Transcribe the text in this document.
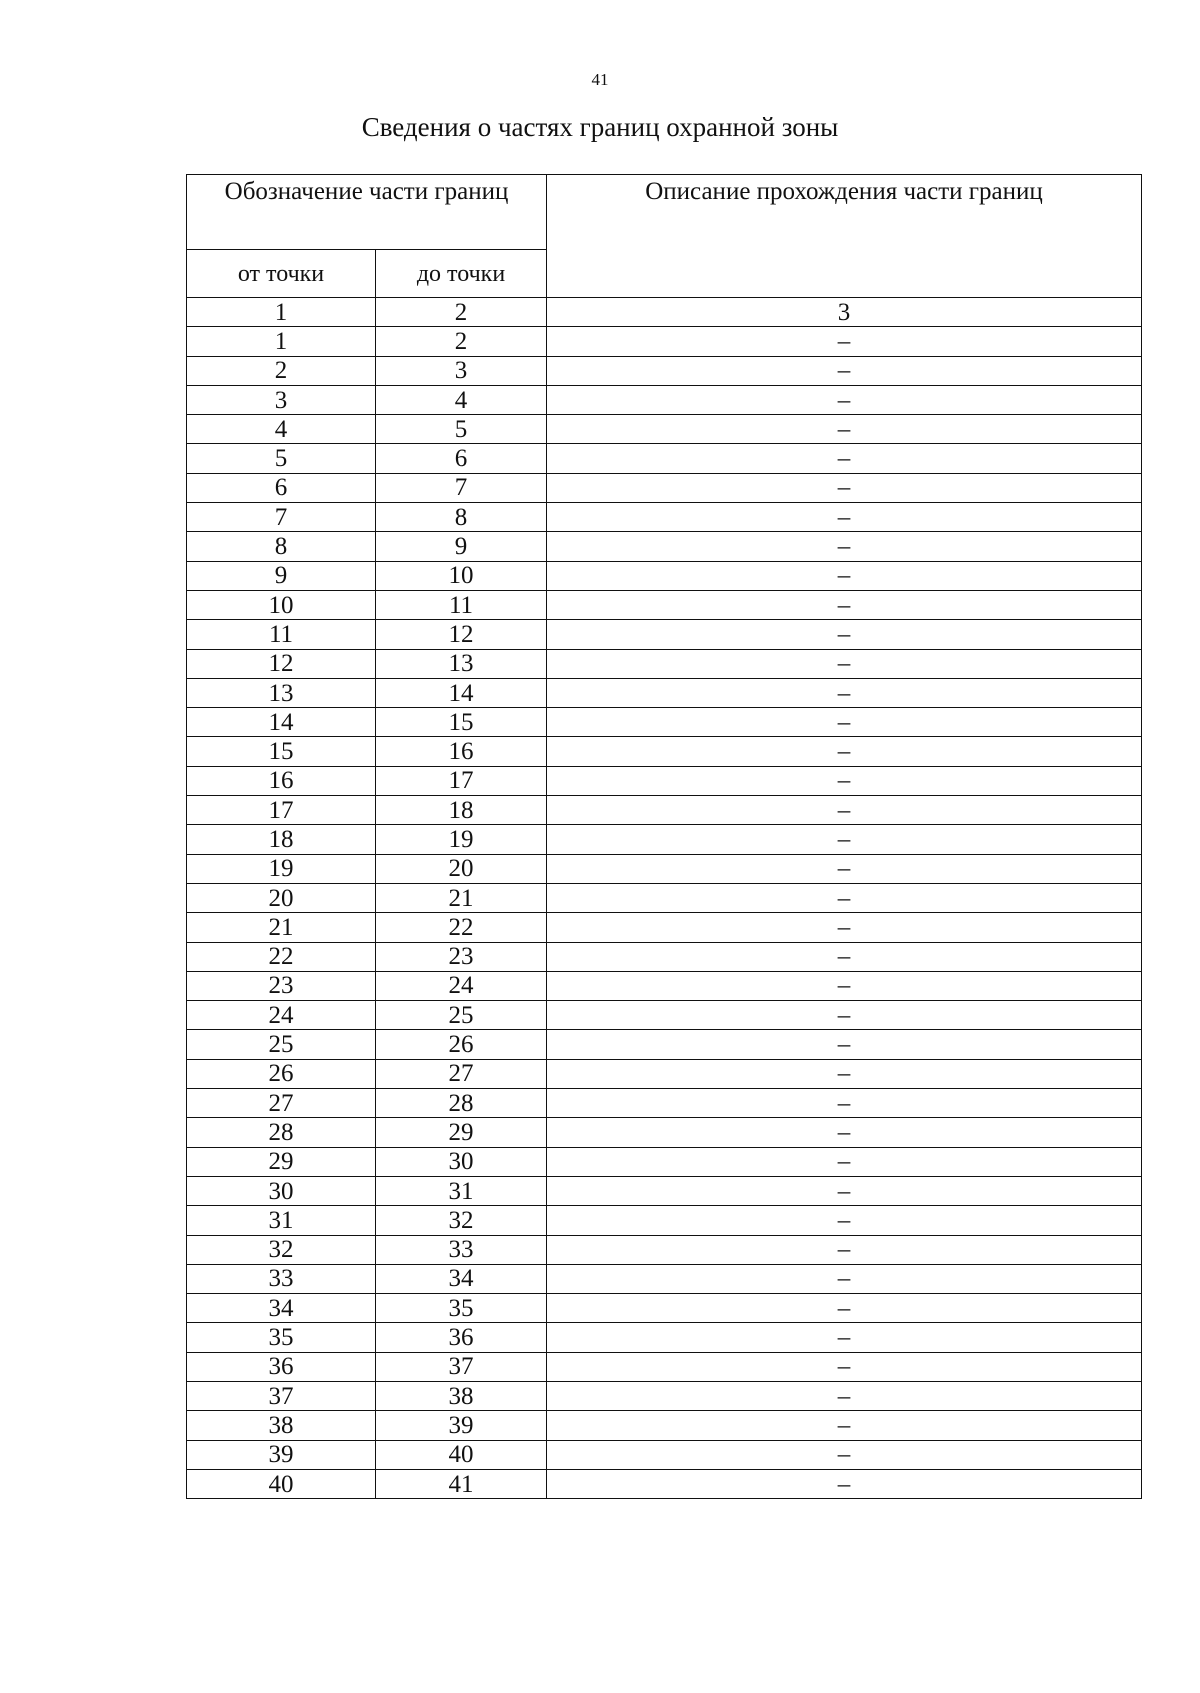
41
Сведения о частях границ охранной зоны
Обозначение части границ		Описание прохождения части границ
от точки	до точки	
1	2	3
1	2	–
2	3	–
3	4	–
4	5	–
5	6	–
6	7	–
7	8	–
8	9	–
9	10	–
10	11	–
11	12	–
12	13	–
13	14	–
14	15	–
15	16	–
16	17	–
17	18	–
18	19	–
19	20	–
20	21	–
21	22	–
22	23	–
23	24	–
24	25	–
25	26	–
26	27	–
27	28	–
28	29	–
29	30	–
30	31	–
31	32	–
32	33	–
33	34	–
34	35	–
35	36	–
36	37	–
37	38	–
38	39	–
39	40	–
40	41	–
